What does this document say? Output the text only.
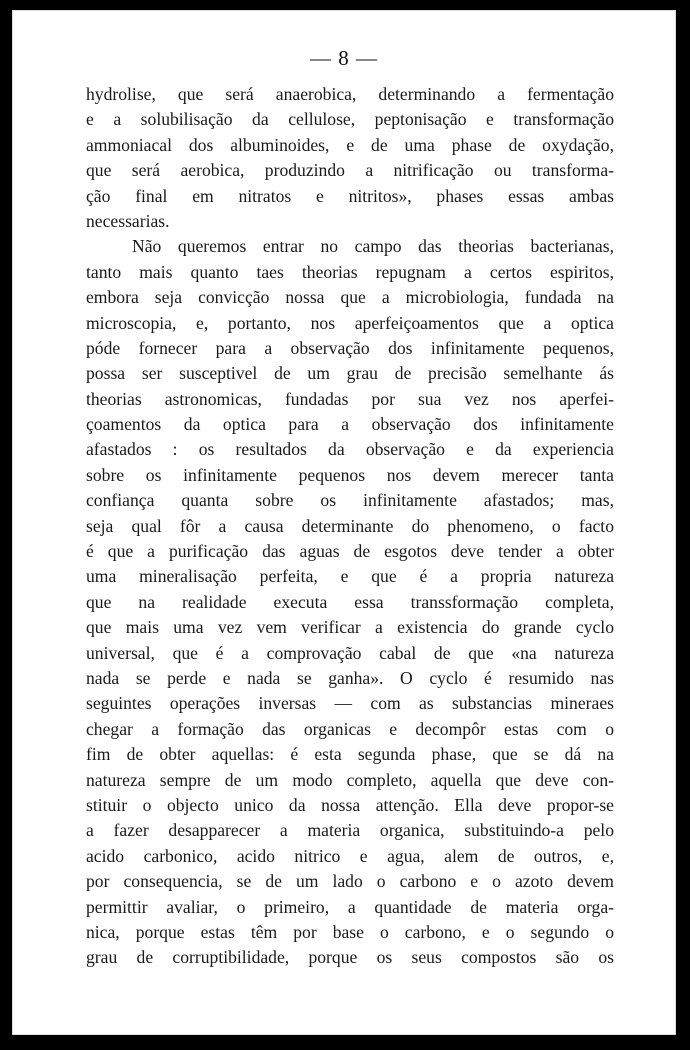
— 8 —
hydrolise, que será anaerobica, determinando a fermentação
e a solubilisação da cellulose, peptonisação e transformação
ammoniacal dos albuminoides, e de uma phase de oxydação,
que será aerobica, produzindo a nitrificação ou transforma-
ção final em nitratos e nitritos», phases essas ambas
necessarias.
Não queremos entrar no campo das theorias bacterianas,
tanto mais quanto taes theorias repugnam a certos espiritos,
embora seja convicção nossa que a microbiologia, fundada na
microscopia, e, portanto, nos aperfeiçoamentos que a optica
póde fornecer para a observação dos infinitamente pequenos,
possa ser susceptivel de um grau de precisão semelhante ás
theorias astronomicas, fundadas por sua vez nos aperfei-
çoamentos da optica para a observação dos infinitamente
afastados : os resultados da observação e da experiencia
sobre os infinitamente pequenos nos devem merecer tanta
confiança quanta sobre os infinitamente afastados; mas,
seja qual fôr a causa determinante do phenomeno, o facto
é que a purificação das aguas de esgotos deve tender a obter
uma mineralisação perfeita, e que é a propria natureza
que na realidade executa essa transsformação completa,
que mais uma vez vem verificar a existencia do grande cyclo
universal, que é a comprovação cabal de que «na natureza
nada se perde e nada se ganha». O cyclo é resumido nas
seguintes operações inversas — com as substancias mineraes
chegar a formação das organicas e decompôr estas com o
fim de obter aquellas: é esta segunda phase, que se dá na
natureza sempre de um modo completo, aquella que deve con-
stituir o objecto unico da nossa attenção. Ella deve propor-se
a fazer desapparecer a materia organica, substituindo-a pelo
acido carbonico, acido nitrico e agua, alem de outros, e,
por consequencia, se de um lado o carbono e o azoto devem
permittir avaliar, o primeiro, a quantidade de materia orga-
nica, porque estas têm por base o carbono, e o segundo o
grau de corruptibilidade, porque os seus compostos são os
